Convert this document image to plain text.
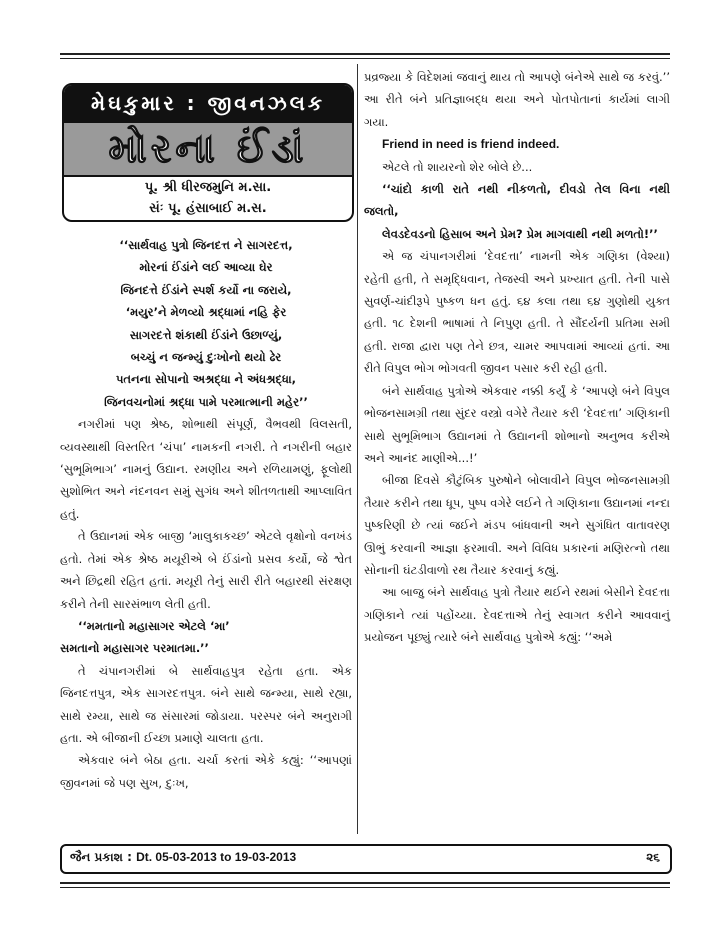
મેઘકુમાર : જીવનઝલક
મોરના ઈંડાં
પૂ. શ્રી ધીરજમુનિ મ.સા.
સંઃ પૂ. હંસાબાઈ મ.સ.

‘‘સાર્થવાહ પુત્રો જિનદત્ત ને સાગરદત્ત,

મોરનાં ઈંડાંને લઈ આવ્યા ઘેર

જિનદત્તે ઈંડાંને સ્પર્શ કર્યો ના જરાયે,

‘મયુર’ને મેળવ્યો શ્રદ્ધામાં નહિ ફેર

સાગરદત્તે શંકાથી ઈંડાંને ઉછાળ્યું,

બચ્ચું ન જન્મ્યું દુઃખોનો થયો ઢેર

પતનના સોપાનો અશ્રદ્ધા ને અંધશ્રદ્ધા,

જિનવચનોમાં શ્રદ્ધા પામે પરમાત્માની મહેર’’

નગરીમાં પણ શ્રેષ્ઠ, શોભાથી સંપૂર્ણ, વૈભવથી વિલસતી, વ્યવસ્થાથી વિસ્તરિત ‘ચંપા’ નામકની નગરી. તે નગરીની બહાર ‘સુભૂમિભાગ’ નામનું ઉદ્યાન. રમણીય અને રળિયામણું, ફૂલોથી સુશોભિત અને નંદનવન સમું સુગંધ અને શીતળતાથી આપ્લાવિત હતું.

તે ઉદ્યાનમાં એક બાજી ‘માલુકાકચ્છ’ એટલે વૃક્ષોનો વનખંડ હતો. તેમાં એક શ્રેષ્ઠ મયૂરીએ બે ઈંડાંનો પ્રસવ કર્યો, જે શ્વેત અને છિદ્રથી રહિત હતાં. મયૂરી તેનું સારી રીતે બહારથી સંરક્ષણ કરીને તેની સારસંભાળ લેતી હતી.

‘‘મમતાનો મહાસાગર એટલે ‘મા’

સમતાનો મહાસાગર પરમાતમા.’’

તે ચંપાનગરીમાં બે સાર્થવાહપુત્ર રહેતા હતા. એક જિનદત્તપુત્ર, એક સાગરદત્તપુત્ર. બંને સાથે જન્મ્યા, સાથે રહ્યા, સાથે રમ્યા, સાથે જ સંસારમાં જોડાયા. પરસ્પર બંને અનુરાગી હતા. એ બીજાની ઈચ્છા પ્રમાણે ચાલતા હતા.

એકવાર બંને બેઠા હતા. ચર્ચા કરતાં એકે કહ્યું: ‘‘આપણાં જીવનમાં જે પણ સુખ, દુઃખ,

પ્રવ્રજ્યા કે વિદેશમાં જવાનું થાય તો આપણે બંનેએ સાથે જ કરવું.’’ આ રીતે બંને પ્રતિજ્ઞાબદ્ધ થયા અને પોતપોતાનાં કાર્યમાં લાગી ગયા.

Friend in need is friend indeed.

એટલે તો શાયરનો શેર બોલે છે...

‘‘ચાંદો કાળી રાતે નથી નીકળતો, દીવડો તેલ વિના નથી જલતો,

લેવડદેવડનો હિસાબ અને પ્રેમ? પ્રેમ માગવાથી નથી મળતો!’’

એ જ ચંપાનગરીમાં ‘દેવદત્તા’ નામની એક ગણિકા (વેશ્યા) રહેતી હતી, તે સમૃદ્ધિવાન, તેજસ્વી અને પ્રખ્યાત હતી. તેની પાસે સુવર્ણ-ચાંદીરૂપે પુષ્કળ ધન હતું. ૬૪ કલા તથા ૬૪ ગુણોથી યુક્ત હતી. ૧૮ દેશની ભાષામાં તે નિપુણ હતી. તે સૌંદર્યની પ્રતિમા સમી હતી. રાજા દ્વારા પણ તેને છત્ર, ચામર આપવામાં આવ્યાં હતાં. આ રીતે વિપુલ ભોગ ભોગવતી જીવન પસાર કરી રહી હતી.

બંને સાર્થવાહ પુત્રોએ એકવાર નક્કી કર્યું કે ‘આપણે બંને વિપુલ ભોજનસામગ્રી તથા સુંદર વસ્ત્રો વગેરે તૈયાર કરી ‘દેવદત્તા’ ગણિકાની સાથે સુભૂમિભાગ ઉદ્યાનમાં તે ઉદ્યાનની શોભાનો અનુભવ કરીએ અને આનંદ માણીએ...!’

બીજા દિવસે કૌટુંબિક પુરુષોને બોલાવીને વિપુલ ભોજનસામગ્રી તૈયાર કરીને તથા ધૂપ, પુષ્પ વગેરે લઈને તે ગણિકાના ઉદ્યાનમાં નન્દા પુષ્કરિણી છે ત્યાં જઈને મંડપ બાંધવાની અને સુગંધિત વાતાવરણ ઊભું કરવાની આજ્ઞા ફરમાવી. અને વિવિધ પ્રકારનાં મણિરત્નો તથા સોનાની ઘંટડીવાળો રથ તૈયાર કરવાનું કહ્યું.

આ બાજુ બંને સાર્થવાહ પુત્રો તૈયાર થઈને રથમાં બેસીને દેવદત્તા ગણિકાને ત્યાં પહોંચ્યા. દેવદત્તાએ તેનું સ્વાગત કરીને આવવાનું પ્રયોજન પૂછ્યું ત્યારે બંને સાર્થવાહ પુત્રોએ કહ્યું: ‘‘અમે

જૈન પ્રકાશ : Dt. 05-03-2013 to 19-03-2013	૨૬
